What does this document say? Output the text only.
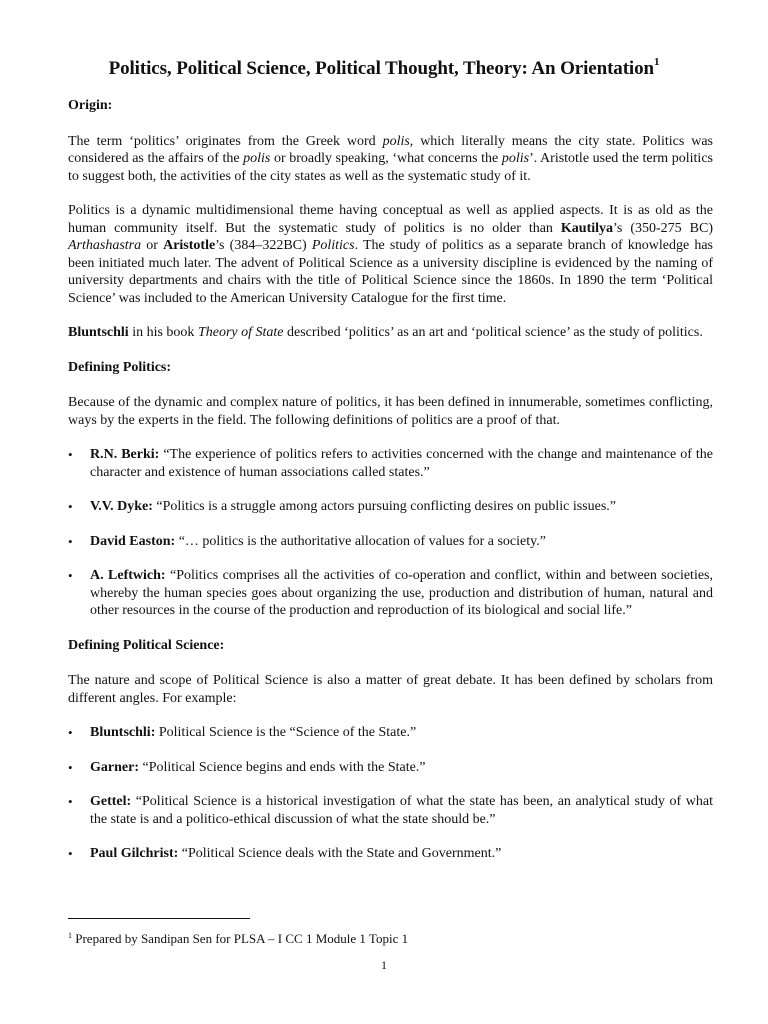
Politics, Political Science, Political Thought, Theory: An Orientation$^1$
Origin:

The term ‘politics’ originates from the Greek word polis, which literally means the city state. Politics was considered as the affairs of the polis or broadly speaking, ‘what concerns the polis’. Aristotle used the term politics to suggest both, the activities of the city states as well as the systematic study of it.

Politics is a dynamic multidimensional theme having conceptual as well as applied aspects. It is as old as the human community itself. But the systematic study of politics is no older than Kautilya’s (350-275 BC) Arthashastra or Aristotle’s (384–322BC) Politics. The study of politics as a separate branch of knowledge has been initiated much later. The advent of Political Science as a university discipline is evidenced by the naming of university departments and chairs with the title of Political Science since the 1860s. In 1890 the term ‘Political Science’ was included to the American University Catalogue for the first time.

Bluntschli in his book Theory of State described ‘politics’ as an art and ‘political science’ as the study of politics.

Defining Politics:

Because of the dynamic and complex nature of politics, it has been defined in innumerable, sometimes conflicting, ways by the experts in the field. The following definitions of politics are a proof of that.

• R.N. Berki: “The experience of politics refers to activities concerned with the change and maintenance of the character and existence of human associations called states.”
• V.V. Dyke: “Politics is a struggle among actors pursuing conflicting desires on public issues.”
• David Easton: “… politics is the authoritative allocation of values for a society.”
• A. Leftwich: “Politics comprises all the activities of co-operation and conflict, within and between societies, whereby the human species goes about organizing the use, production and distribution of human, natural and other resources in the course of the production and reproduction of its biological and social life.”
Defining Political Science:

The nature and scope of Political Science is also a matter of great debate. It has been defined by scholars from different angles. For example:

• Bluntschli: Political Science is the “Science of the State.”
• Garner: “Political Science begins and ends with the State.”
• Gettel: “Political Science is a historical investigation of what the state has been, an analytical study of what the state is and a politico-ethical discussion of what the state should be.”
• Paul Gilchrist: “Political Science deals with the State and Government.”
$^1$ Prepared by Sandipan Sen for PLSA – I CC 1 Module 1 Topic 1
1
